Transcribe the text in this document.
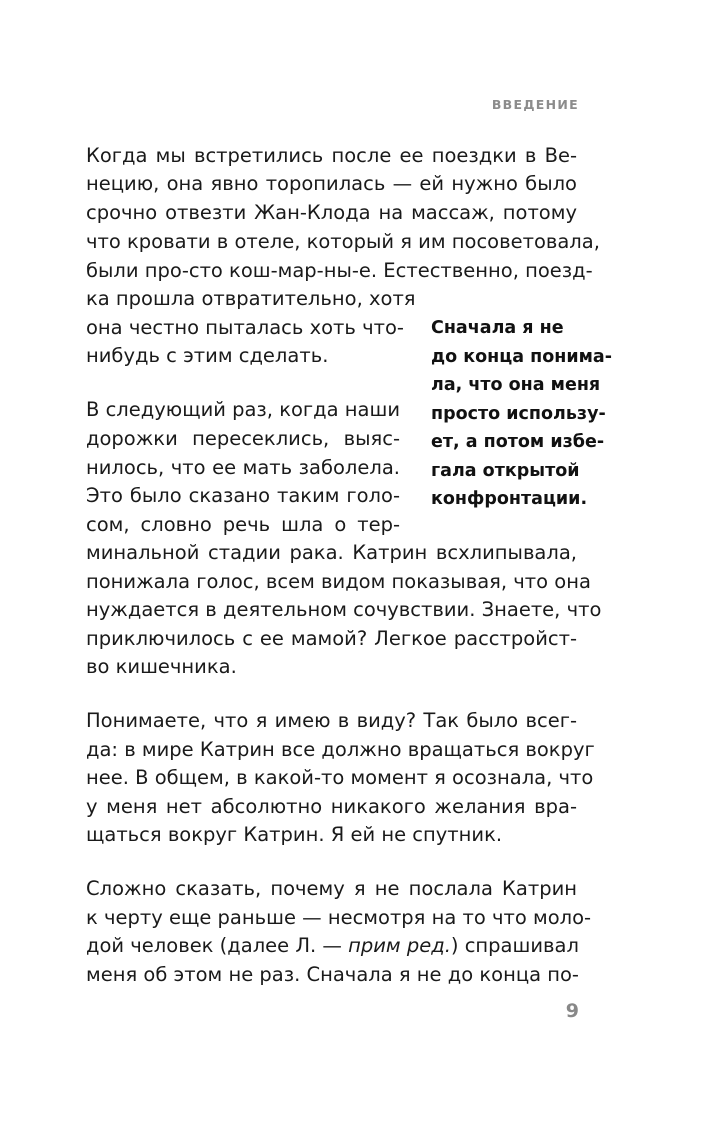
ВВЕДЕНИЕ
Когда мы встретились после ее поездки в Ве-
нецию, она явно торопилась — ей нужно было
срочно отвезти Жан-Клода на массаж, потому
что кровати в отеле, который я им посоветовала,
были про-сто кош-мар-ны-е. Естественно, поезд-
ка прошла отвратительно, хотя
она честно пыталась хоть что-
нибудь с этим сделать.
В следующий раз, когда наши
дорожки пересеклись, выяс-
нилось, что ее мать заболела.
Это было сказано таким голо-
сом, словно речь шла о тер-
минальной стадии рака. Катрин всхлипывала,
понижала голос, всем видом показывая, что она
нуждается в деятельном сочувствии. Знаете, что
приключилось с ее мамой? Легкое расстройст-
во кишечника.
Понимаете, что я имею в виду? Так было всег-
да: в мире Катрин все должно вращаться вокруг
нее. В общем, в какой-то момент я осознала, что
у меня нет абсолютно никакого желания вра-
щаться вокруг Катрин. Я ей не спутник.
Сложно сказать, почему я не послала Катрин
к черту еще раньше — несмотря на то что моло-
дой человек (далее Л. — прим ред.) спрашивал
меня об этом не раз. Сначала я не до конца по-
Сначала я не
до конца понима-
ла, что она меня
просто использу-
ет, а потом избе-
гала открытой
конфронтации.
9
